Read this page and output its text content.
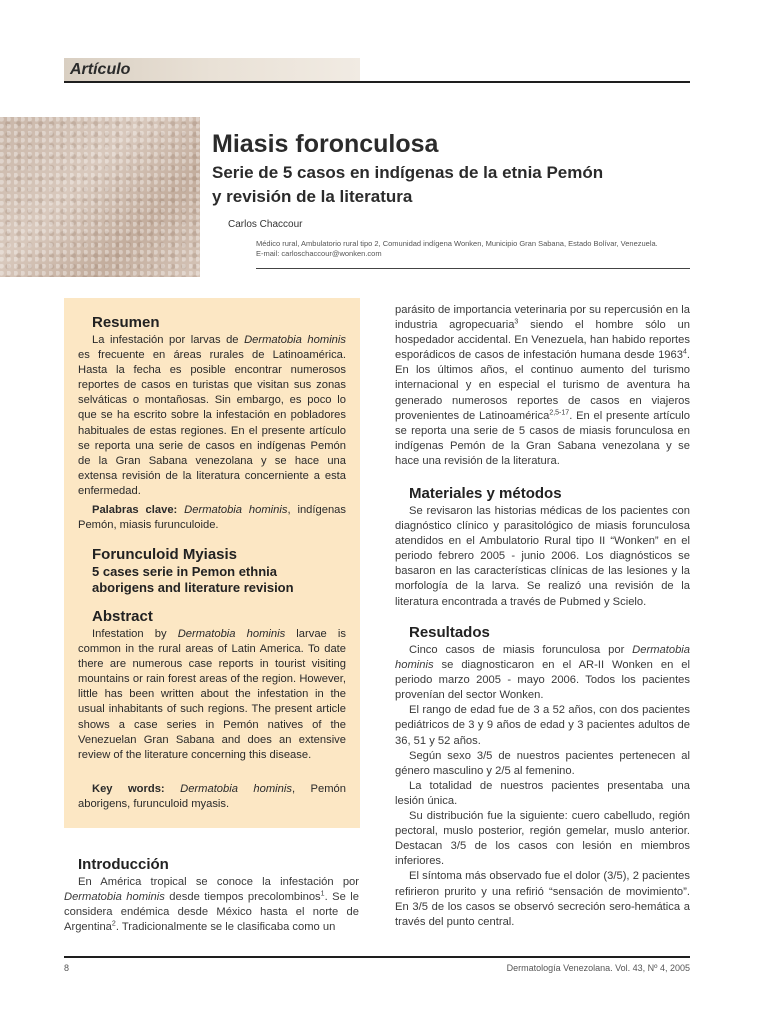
Artículo
Miasis foronculosa
Serie de 5 casos en indígenas de la etnia Pemón
y revisión de la literatura
Carlos Chaccour
Médico rural, Ambulatorio rural tipo 2, Comunidad indígena Wonken, Municipio Gran Sabana, Estado Bolívar, Venezuela.
E-mail: carloschaccour@wonken.com
Resumen

La infestación por larvas de Dermatobia hominis es frecuente en áreas rurales de Latinoamérica. Hasta la fecha es posible encontrar numerosos reportes de casos en turistas que visitan sus zonas selváticas o montañosas. Sin embargo, es poco lo que se ha escrito sobre la infestación en pobladores habituales de estas regiones. En el presente artículo se reporta una serie de casos en indígenas Pemón de la Gran Sabana venezolana y se hace una extensa revisión de la literatura concerniente a esta enfermedad.

Palabras clave: Dermatobia hominis, indígenas Pemón, miasis furunculoide.

Forunculoid Myiasis
5 cases serie in Pemon ethnia
aborigens and literature revision
Abstract

Infestation by Dermatobia hominis larvae is common in the rural areas of Latin America. To date there are numerous case reports in tourist visiting mountains or rain forest areas of the region. However, little has been written about the infestation in the usual inhabitants of such regions. The present article shows a case series in Pemón natives of the Venezuelan Gran Sabana and does an extensive review of the literature concerning this disease.

Key words: Dermatobia hominis, Pemón aborigens, furunculoid myasis.

Introducción

En América tropical se conoce la infestación por Dermatobia hominis desde tiempos precolombinos$^1$. Se le considera endémica desde México hasta el norte de Argentina$^2$. Tradicionalmente se le clasificaba como un

parásito de importancia veterinaria por su repercusión en la industria agropecuaria$^3$ siendo el hombre sólo un hospedador accidental. En Venezuela, han habido reportes esporádicos de casos de infestación humana desde 1963$^4$. En los últimos años, el continuo aumento del turismo internacional y en especial el turismo de aventura ha generado numerosos reportes de casos en viajeros provenientes de Latinoamérica$^{2,5-17}$. En el presente artículo se reporta una serie de 5 casos de miasis forunculosa en indígenas Pemón de la Gran Sabana venezolana y se hace una revisión de la literatura.

Materiales y métodos

Se revisaron las historias médicas de los pacientes con diagnóstico clínico y parasitológico de miasis forunculosa atendidos en el Ambulatorio Rural tipo II “Wonken” en el periodo febrero 2005 - junio 2006. Los diagnósticos se basaron en las características clínicas de las lesiones y la morfología de la larva. Se realizó una revisión de la literatura encontrada a través de Pubmed y Scielo.

Resultados

Cinco casos de miasis forunculosa por Dermatobia hominis se diagnosticaron en el AR-II Wonken en el periodo marzo 2005 - mayo 2006. Todos los pacientes provenían del sector Wonken.

El rango de edad fue de 3 a 52 años, con dos pacientes pediátricos de 3 y 9 años de edad y 3 pacientes adultos de 36, 51 y 52 años.

Según sexo 3/5 de nuestros pacientes pertenecen al género masculino y 2/5 al femenino.

La totalidad de nuestros pacientes presentaba una lesión única.

Su distribución fue la siguiente: cuero cabelludo, región pectoral, muslo posterior, región gemelar, muslo anterior. Destacan 3/5 de los casos con lesión en miembros inferiores.

El síntoma más observado fue el dolor (3/5), 2 pacientes refirieron prurito y una refirió “sensación de movimiento”. En 3/5 de los casos se observó secreción sero-hemática a través del punto central.

8	Dermatología Venezolana. Vol. 43, Nº 4, 2005
